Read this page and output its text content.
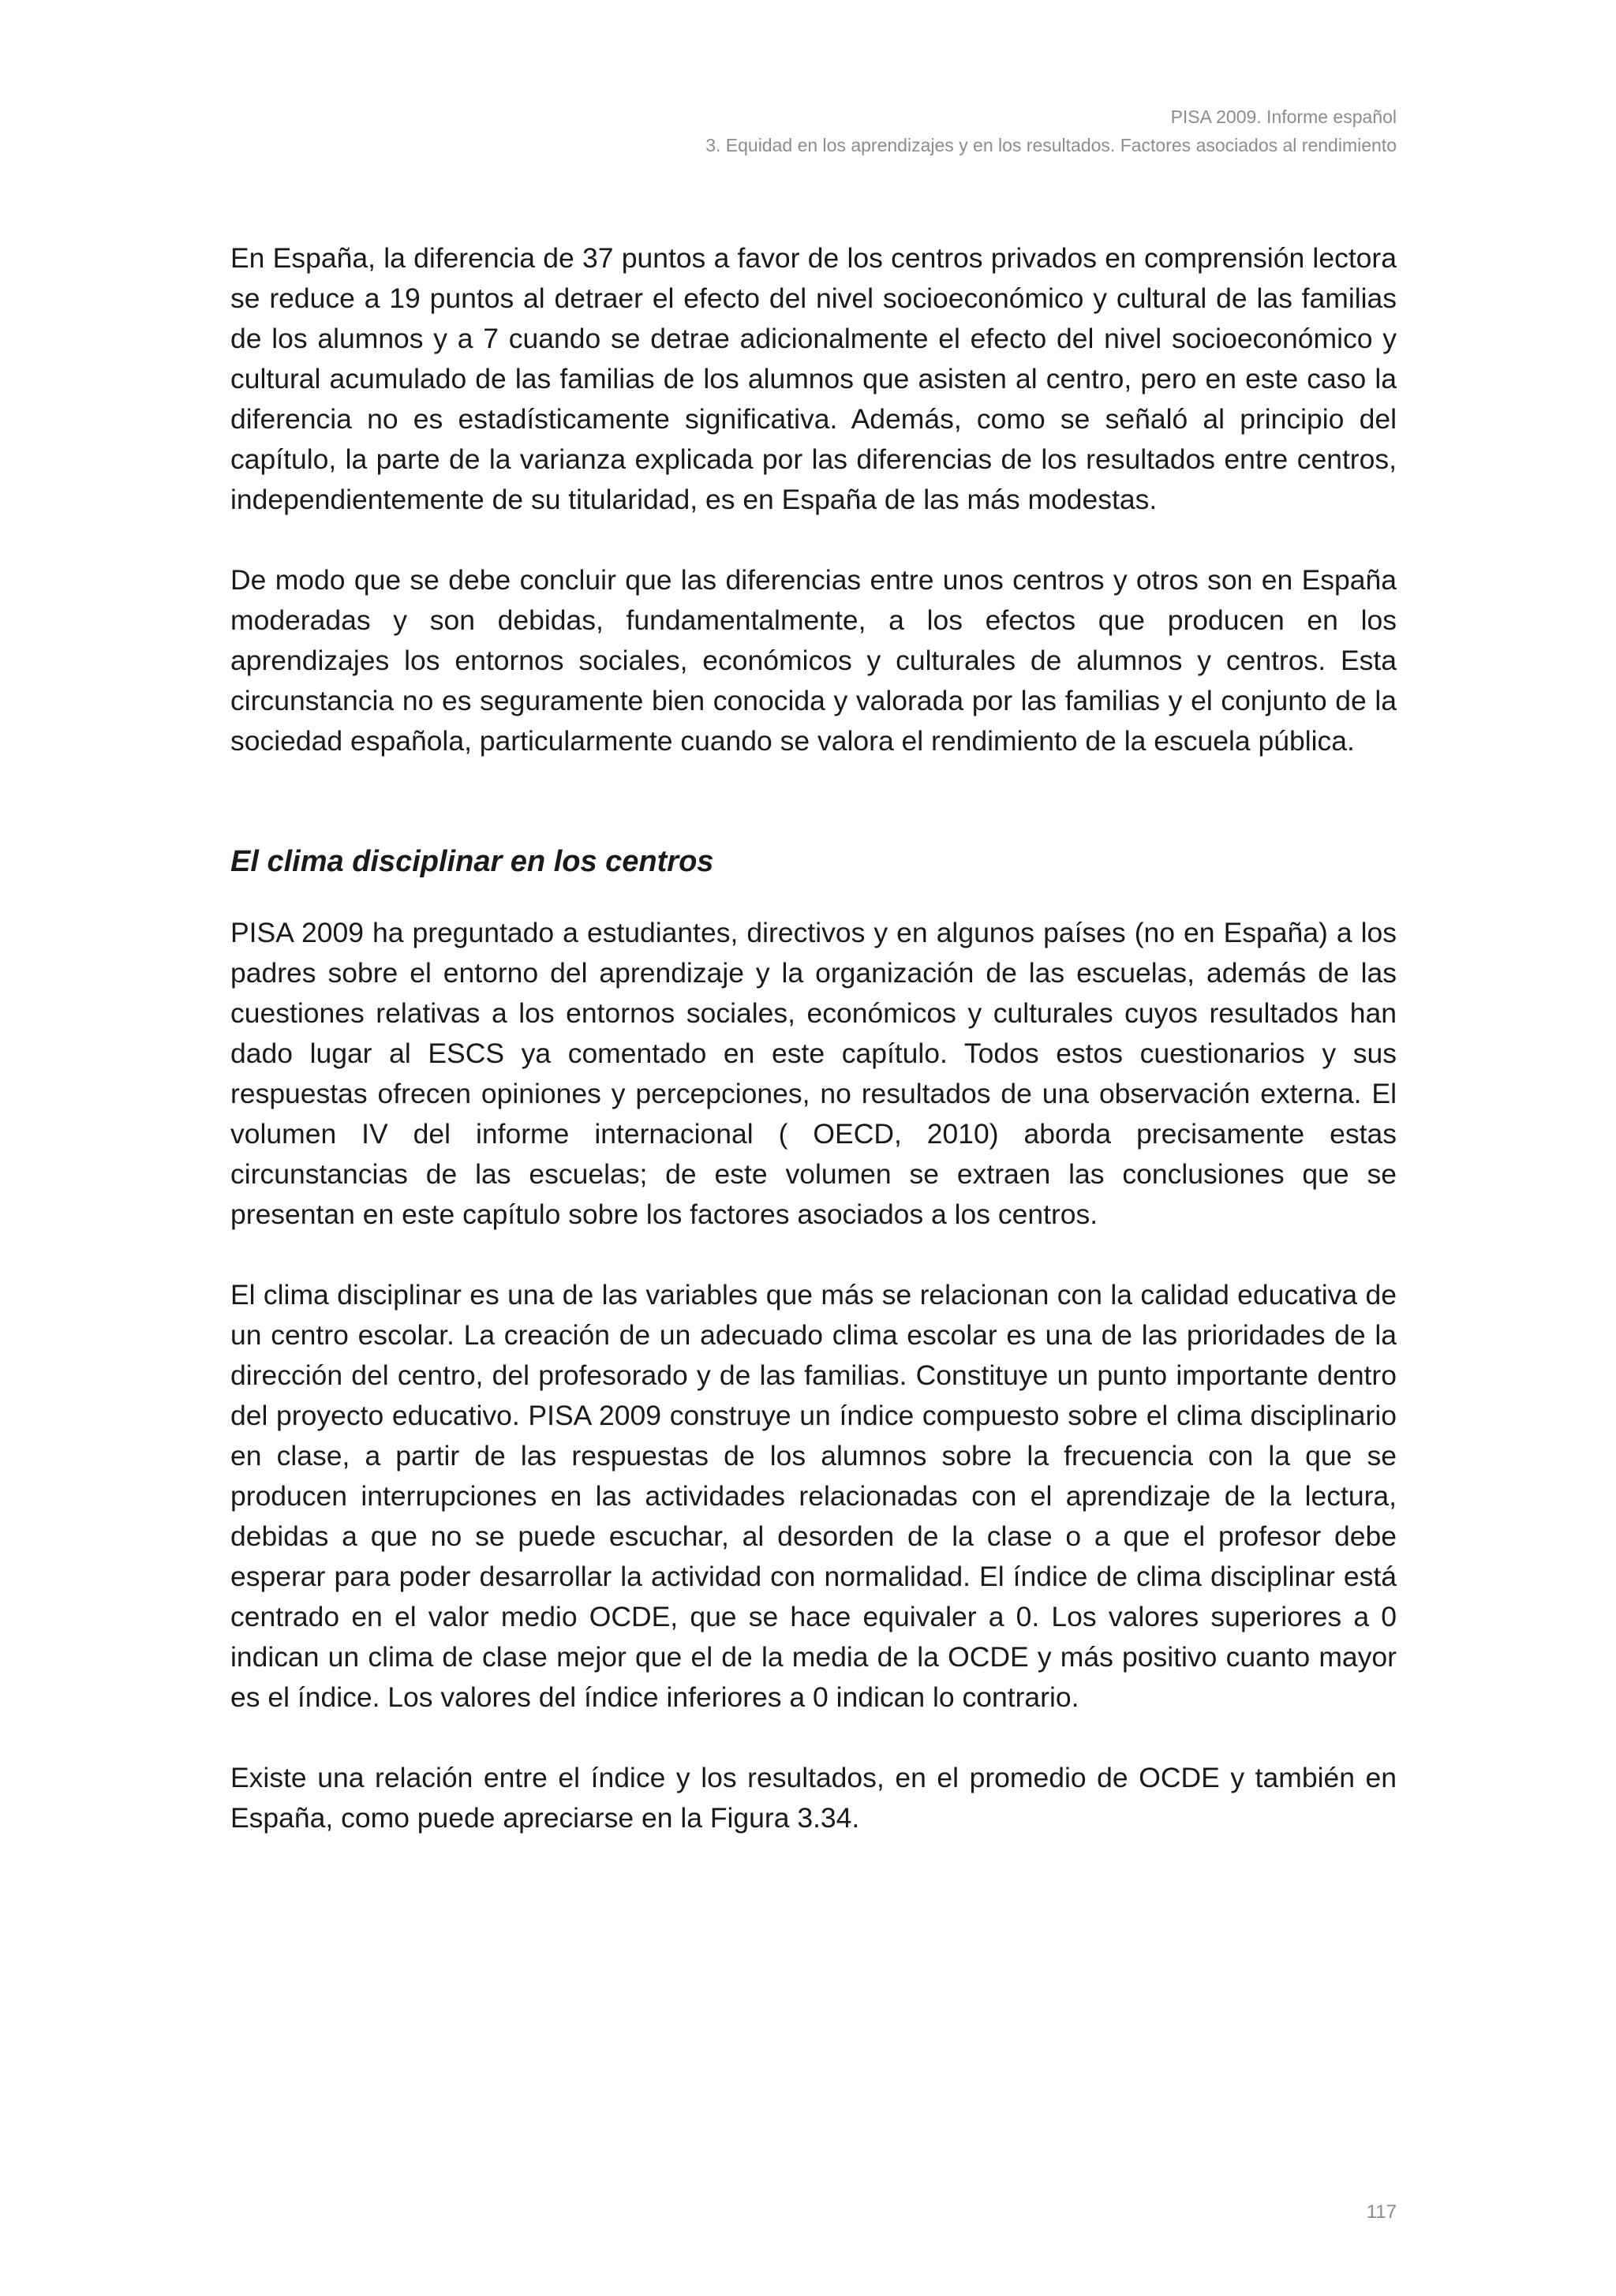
PISA 2009. Informe español
3. Equidad en los aprendizajes y en los resultados. Factores asociados al rendimiento

En España, la diferencia de 37 puntos a favor de los centros privados en comprensión lectora se reduce a 19 puntos al detraer el efecto del nivel socioeconómico y cultural de las familias de los alumnos y a 7 cuando se detrae adicionalmente el efecto del nivel socioeconómico y cultural acumulado de las familias de los alumnos que asisten al centro, pero en este caso la diferencia no es estadísticamente significativa. Además, como se señaló al principio del capítulo, la parte de la varianza explicada por las diferencias de los resultados entre centros, independientemente de su titularidad, es en España de las más modestas.

De modo que se debe concluir que las diferencias entre unos centros y otros son en España moderadas y son debidas, fundamentalmente, a los efectos que producen en los aprendizajes los entornos sociales, económicos y culturales de alumnos y centros. Esta circunstancia no es seguramente bien conocida y valorada por las familias y el conjunto de la sociedad española, particularmente cuando se valora el rendimiento de la escuela pública.

El clima disciplinar en los centros

PISA 2009 ha preguntado a estudiantes, directivos y en algunos países (no en España) a los padres sobre el entorno del aprendizaje y la organización de las escuelas, además de las cuestiones relativas a los entornos sociales, económicos y culturales cuyos resultados han dado lugar al ESCS ya comentado en este capítulo. Todos estos cuestionarios y sus respuestas ofrecen opiniones y percepciones, no resultados de una observación externa. El volumen IV del informe internacional ( OECD, 2010) aborda precisamente estas circunstancias de las escuelas; de este volumen se extraen las conclusiones que se presentan en este capítulo sobre los factores asociados a los centros.

El clima disciplinar es una de las variables que más se relacionan con la calidad educativa de un centro escolar. La creación de un adecuado clima escolar es una de las prioridades de la dirección del centro, del profesorado y de las familias. Constituye un punto importante dentro del proyecto educativo. PISA 2009 construye un índice compuesto sobre el clima disciplinario en clase, a partir de las respuestas de los alumnos sobre la frecuencia con la que se producen interrupciones en las actividades relacionadas con el aprendizaje de la lectura, debidas a que no se puede escuchar, al desorden de la clase o a que el profesor debe esperar para poder desarrollar la actividad con normalidad. El índice de clima disciplinar está centrado en el valor medio OCDE, que se hace equivaler a 0. Los valores superiores a 0 indican un clima de clase mejor que el de la media de la OCDE y más positivo cuanto mayor es el índice. Los valores del índice inferiores a 0 indican lo contrario.

Existe una relación entre el índice y los resultados, en el promedio de OCDE y también en España, como puede apreciarse en la Figura 3.34.

117
